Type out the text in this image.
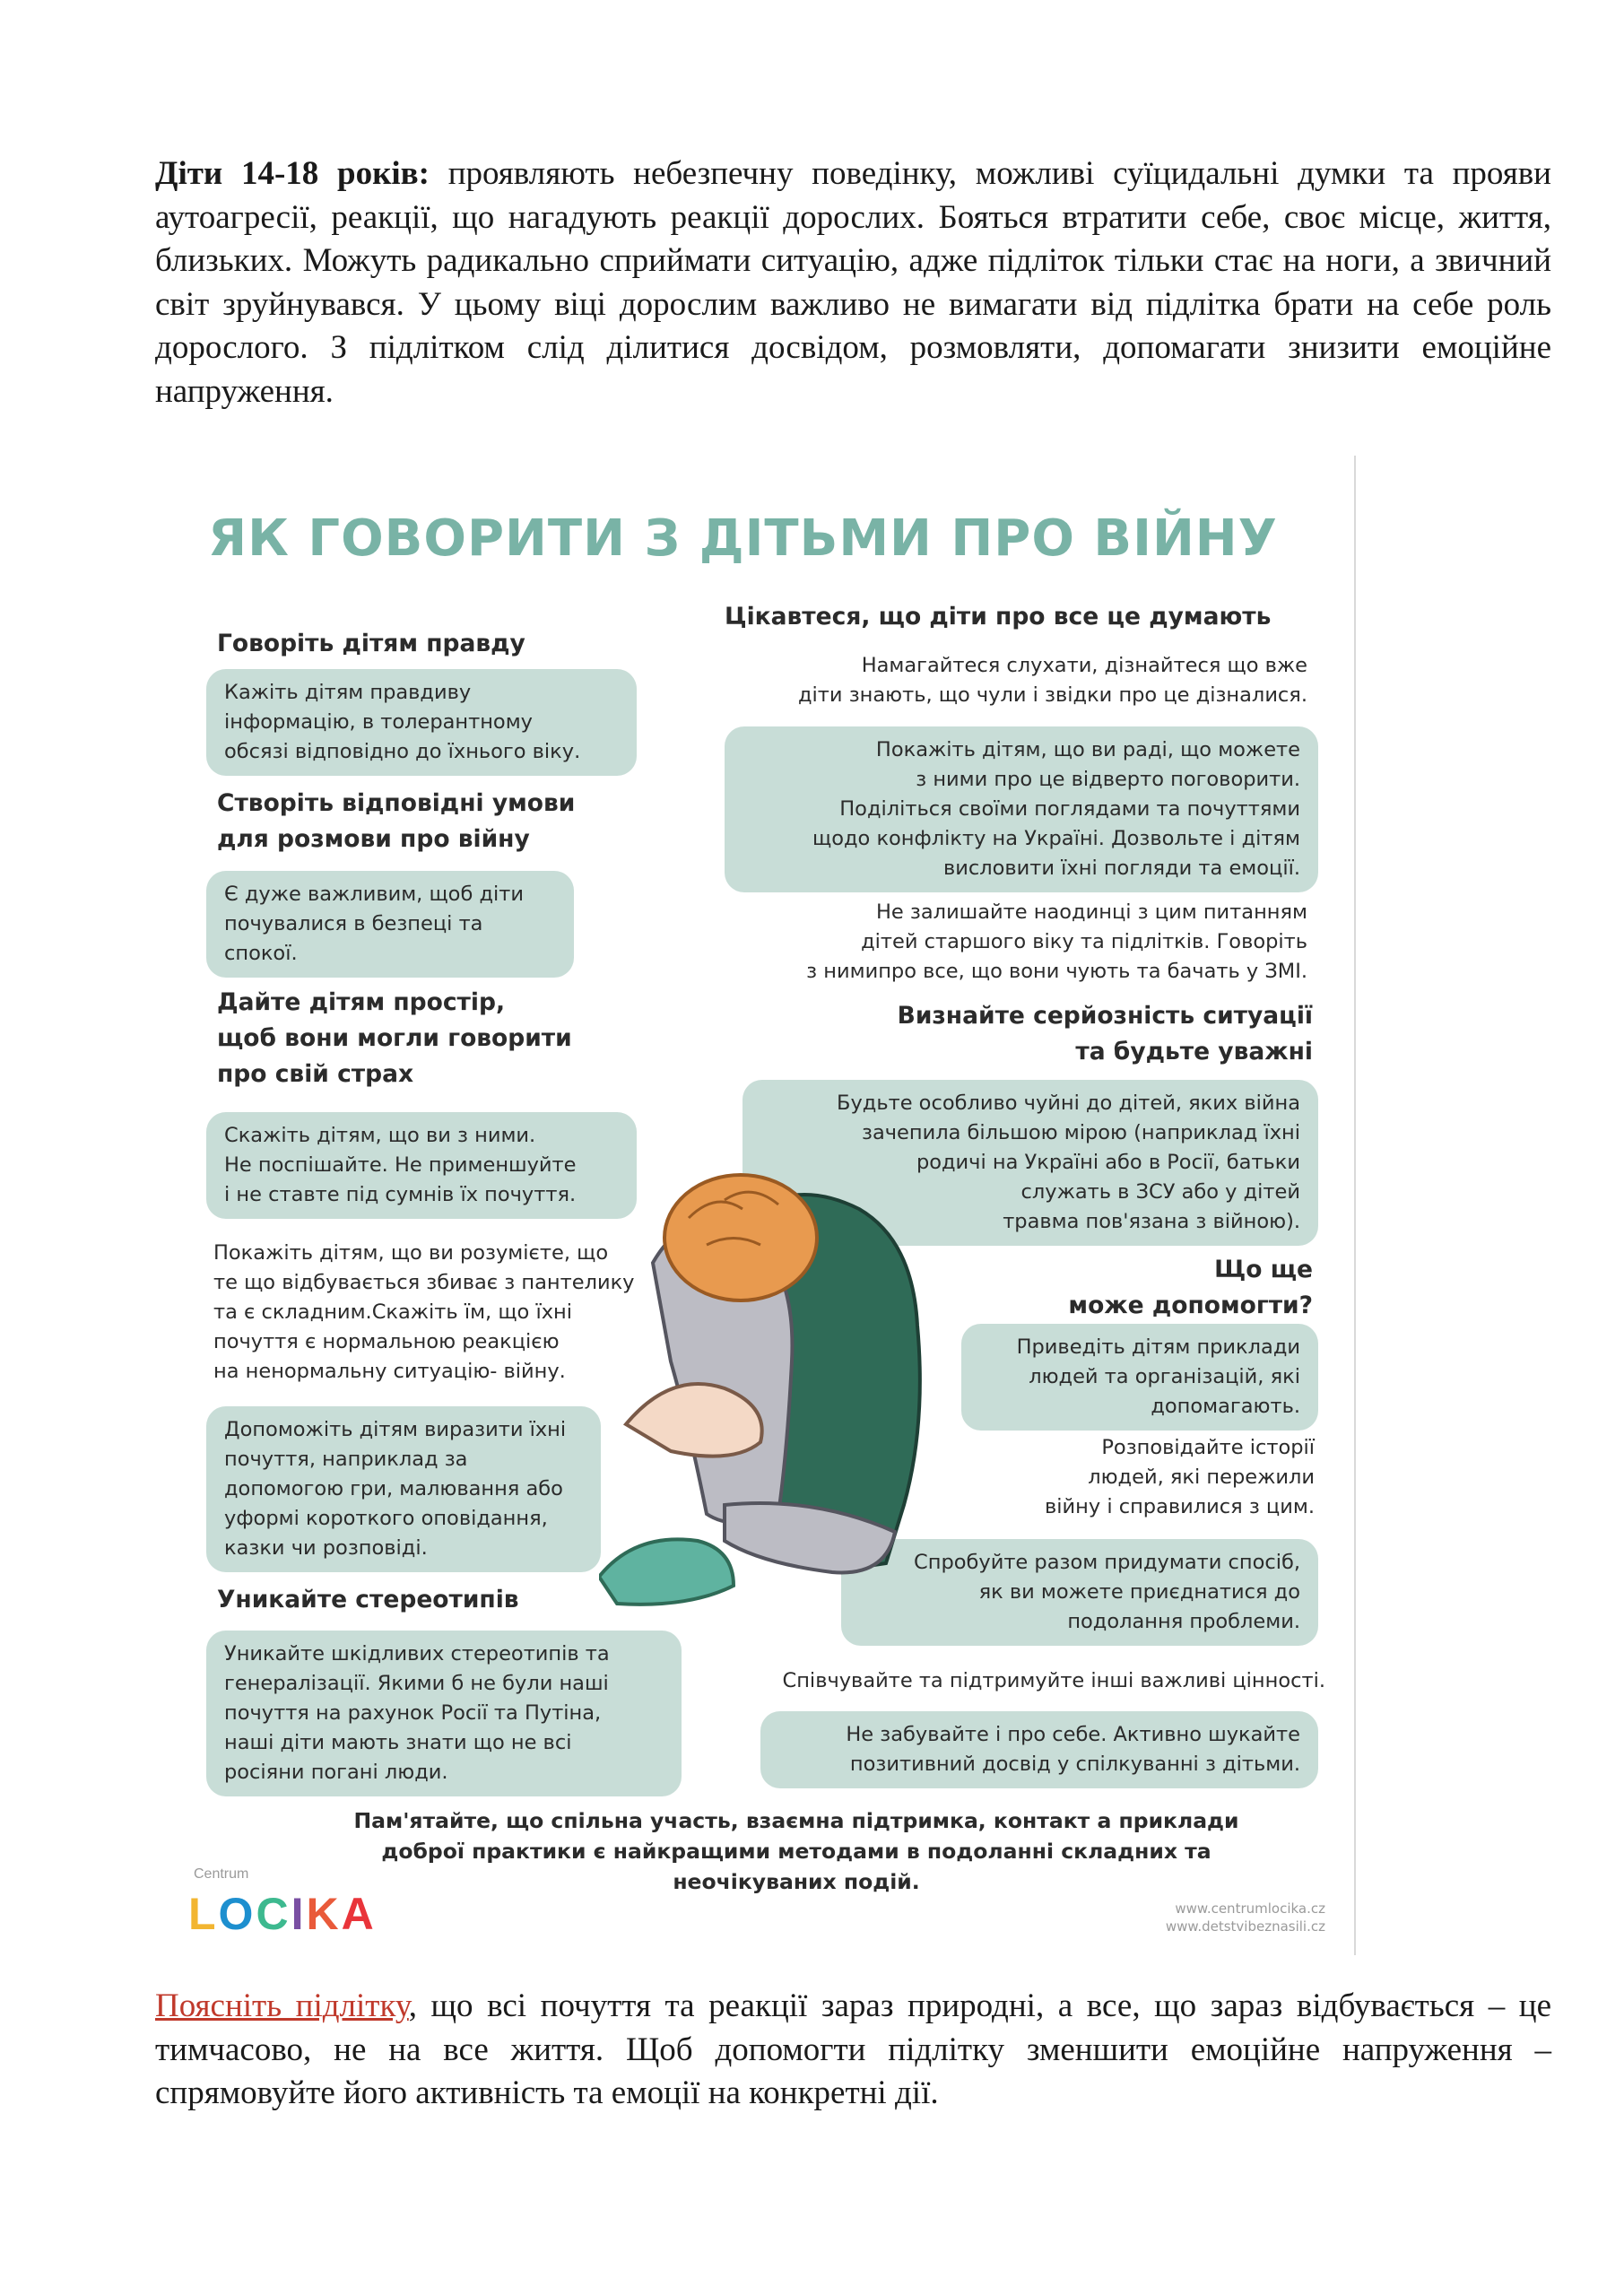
Діти 14-18 років: проявляють небезпечну поведінку, можливі суїцидальні думки та прояви аутоагресії, реакції, що нагадують реакції дорослих. Бояться втратити себе, своє місце, життя, близьких. Можуть радикально сприймати ситуацію, адже підліток тільки стає на ноги, а звичний світ зруйнувався. У цьому віці дорослим важливо не вимагати від підлітка брати на себе роль дорослого. З підлітком слід ділитися досвідом, розмовляти, допомагати знизити емоційне напруження.

ЯК ГОВОРИТИ З ДІТЬМИ ПРО ВІЙНУ
Говоріть дітям правду
Кажіть дітям правдиву
інформацію, в толерантному
обсязі відповідно до їхнього віку.
Створіть відповідні умови
для розмови про війну
Є дуже важливим, щоб діти
почувалися в безпеці та
спокої.
Дайте дітям простір,
щоб вони могли говорити
про свій страх
Скажіть дітям, що ви з ними.
Не поспішайте. Не применшуйте
і не ставте під сумнів їх почуття.
Покажіть дітям, що ви розумієте, що
те що відбувається збиває з пантелику
та є складним.Скажіть їм, що їхні
почуття є нормальною реакцією
на ненормальну ситуацію- війну.
Допоможіть дітям виразити їхні
почуття, наприклад за
допомогою гри, малювання або
уформі короткого оповідання,
казки чи розповіді.
Уникайте стереотипів
Уникайте шкідливих стереотипів та
генералізації. Якими б не були наші
почуття на рахунок Росії та Путіна,
наші діти мають знати що не всі
росіяни погані люди.
Цікавтеся, що діти про все це думають
Намагайтеся слухати, дізнайтеся що вже
діти знають, що чули і звідки про це дізналися.
Покажіть дітям, що ви раді, що можете
з ними про це відверто поговорити.
Поділіться своїми поглядами та почуттями
щодо конфлікту на Україні. Дозвольте і дітям
висловити їхні погляди та емоції.
Не залишайте наодинці з цим питанням
дітей старшого віку та підлітків. Говоріть
з нимипро все, що вони чують та бачать у ЗМІ.
Визнайте серйозність ситуації
та будьте уважні
Будьте особливо чуйні до дітей, яких війна
зачепила більшою мірою (наприклад їхні
родичі на Україні або в Росії, батьки
служать в ЗСУ або у дітей
травма пов'язана з війною).
Що ще
може допомогти?
Приведіть дітям приклади
людей та організацій, які
допомагають.
Розповідайте історії
людей, які пережили
війну і справилися з цим.
Спробуйте разом придумати спосіб,
як ви можете приєднатися до
подолання проблеми.
Співчувайте та підтримуйте інші важливі цінності.
Не забувайте і про себе. Активно шукайте
позитивний досвід у спілкуванні з дітьми.
Пам'ятайте, що спільна участь, взаємна підтримка, контакт а приклади
доброї практики є найкращими методами в подоланні складних та
неочікуваних подій.
Centrum
LOCIKA	www.centrumlocika.cz
www.detstvibeznasili.cz

Поясніть підлітку, що всі почуття та реакції зараз природні, а все, що зараз відбувається – це тимчасово, не на все життя. Щоб допомогти підлітку зменшити емоційне напруження – спрямовуйте його активність та емоції на конкретні дії.
